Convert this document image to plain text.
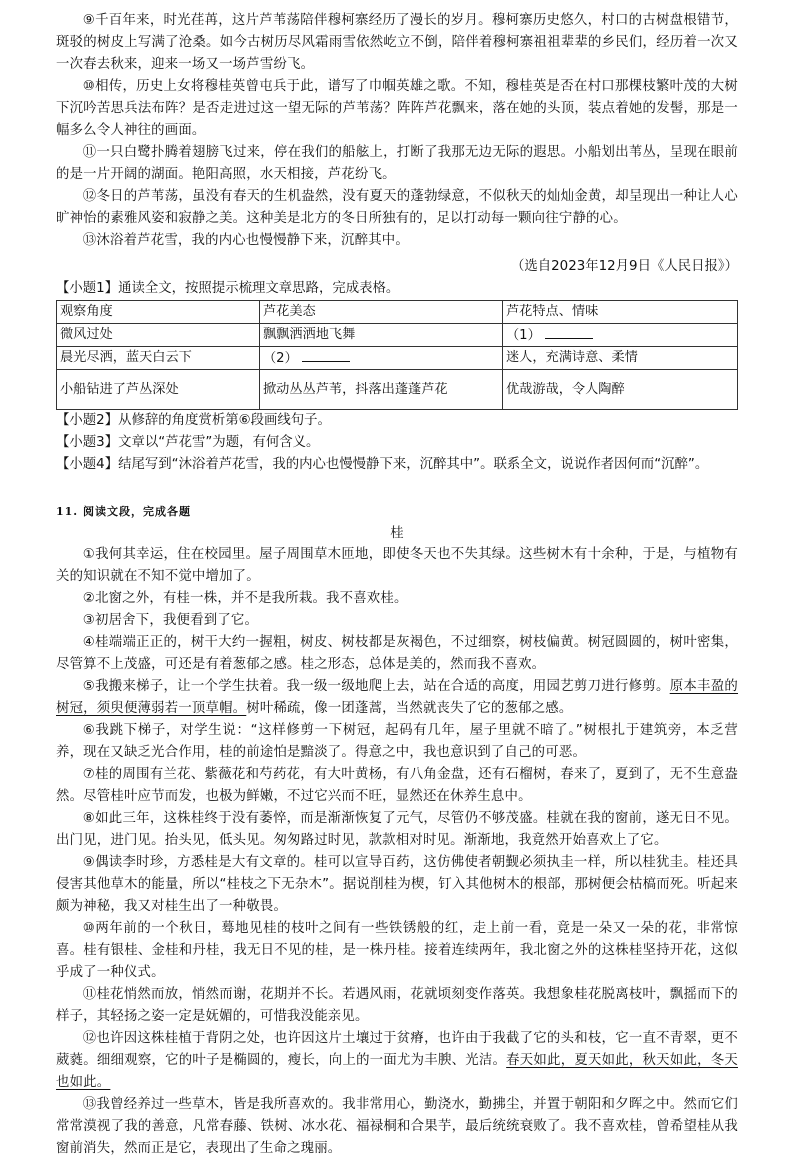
⑨千百年来，时光荏苒，这片芦苇荡陪伴穆柯寨经历了漫长的岁月。穆柯寨历史悠久，村口的古树盘根错节，斑驳的树皮上写满了沧桑。如今古树历尽风霜雨雪依然屹立不倒，陪伴着穆柯寨祖祖辈辈的乡民们，经历着一次又一次春去秋来，迎来一场又一场芦雪纷飞。

⑩相传，历史上女将穆桂英曾屯兵于此，谱写了巾帼英雄之歌。不知，穆桂英是否在村口那棵枝繁叶茂的大树下沉吟苦思兵法布阵？是否走进过这一望无际的芦苇荡？阵阵芦花飘来，落在她的头顶，装点着她的发髻，那是一幅多么令人神往的画面。

⑪一只白鹭扑腾着翅膀飞过来，停在我们的船舷上，打断了我那无边无际的遐思。小船划出苇丛，呈现在眼前的是一片开阔的湖面。艳阳高照，水天相接，芦花纷飞。

⑫冬日的芦苇荡，虽没有春天的生机盎然，没有夏天的蓬勃绿意，不似秋天的灿灿金黄，却呈现出一种让人心旷神怡的素雅风姿和寂静之美。这种美是北方的冬日所独有的，足以打动每一颗向往宁静的心。

⑬沐浴着芦花雪，我的内心也慢慢静下来，沉醉其中。

（选自2023年12月9日《人民日报》）

【小题1】通读全文，按照提示梳理文章思路，完成表格。

观察角度	芦花美态	芦花特点、情味
微风过处	飘飘洒洒地飞舞	（1）
晨光尽洒，蓝天白云下	（2）	迷人，充满诗意、柔情
小船钻进了芦丛深处	掀动丛丛芦苇，抖落出蓬蓬芦花	优哉游哉，令人陶醉

【小题2】从修辞的角度赏析第⑥段画线句子。

【小题3】文章以“芦花雪”为题，有何含义。

【小题4】结尾写到“沐浴着芦花雪，我的内心也慢慢静下来，沉醉其中”。联系全文，说说作者因何而“沉醉”。

11. 阅读文段，完成各题

桂

①我何其幸运，住在校园里。屋子周围草木匝地，即使冬天也不失其绿。这些树木有十余种，于是，与植物有关的知识就在不知不觉中增加了。

②北窗之外，有桂一株，并不是我所栽。我不喜欢桂。

③初居舍下，我便看到了它。

④桂端端正正的，树干大约一握粗，树皮、树枝都是灰褐色，不过细察，树枝偏黄。树冠圆圆的，树叶密集，尽管算不上茂盛，可还是有着葱郁之感。桂之形态，总体是美的，然而我不喜欢。

⑤我搬来梯子，让一个学生扶着。我一级一级地爬上去，站在合适的高度，用园艺剪刀进行修剪。原本丰盈的树冠，须臾便薄弱若一顶草帽。树叶稀疏，像一团蓬蒿，当然就丧失了它的葱郁之感。

⑥我跳下梯子，对学生说：“这样修剪一下树冠，起码有几年，屋子里就不暗了。”树根扎于建筑旁，本乏营养，现在又缺乏光合作用，桂的前途怕是黯淡了。得意之中，我也意识到了自己的可恶。

⑦桂的周围有兰花、紫薇花和芍药花，有大叶黄杨，有八角金盘，还有石榴树，春来了，夏到了，无不生意盎然。尽管桂叶应节而发，也极为鲜嫩，不过它兴而不旺，显然还在休养生息中。

⑧如此三年，这株桂终于没有萎悴，而是渐渐恢复了元气，尽管仍不够茂盛。桂就在我的窗前，遂无日不见。出门见，进门见。抬头见，低头见。匆匆路过时见，款款相对时见。渐渐地，我竟然开始喜欢上了它。

⑨偶读李时珍，方悉桂是大有文章的。桂可以宣导百药，这仿佛使者朝觐必须执圭一样，所以桂犹圭。桂还具侵害其他草木的能量，所以“桂枝之下无杂木”。据说削桂为楔，钉入其他树木的根部，那树便会枯槁而死。听起来颇为神秘，我又对桂生出了一种敬畏。

⑩两年前的一个秋日，蓦地见桂的枝叶之间有一些铁锈般的红，走上前一看，竟是一朵又一朵的花，非常惊喜。桂有银桂、金桂和丹桂，我无日不见的桂，是一株丹桂。接着连续两年，我北窗之外的这株桂坚持开花，这似乎成了一种仪式。

⑪桂花悄然而放，悄然而谢，花期并不长。若遇风雨，花就顷刻变作落英。我想象桂花脱离枝叶，飘摇而下的样子，其轻扬之姿一定是妩媚的，可惜我没能亲见。

⑫也许因这株桂植于背阴之处，也许因这片土壤过于贫瘠，也许由于我截了它的头和枝，它一直不青翠，更不葳蕤。细细观察，它的叶子是椭圆的，瘦长，向上的一面尤为丰腴、光洁。春天如此，夏天如此，秋天如此，冬天也如此。

⑬我曾经养过一些草木，皆是我所喜欢的。我非常用心，勤浇水，勤拂尘，并置于朝阳和夕晖之中。然而它们常常漠视了我的善意，凡常春藤、铁树、冰水花、福禄桐和合果芋，最后统统衰败了。我不喜欢桂，曾希望桂从我窗前消失，然而正是它，表现出了生命之瑰丽。
